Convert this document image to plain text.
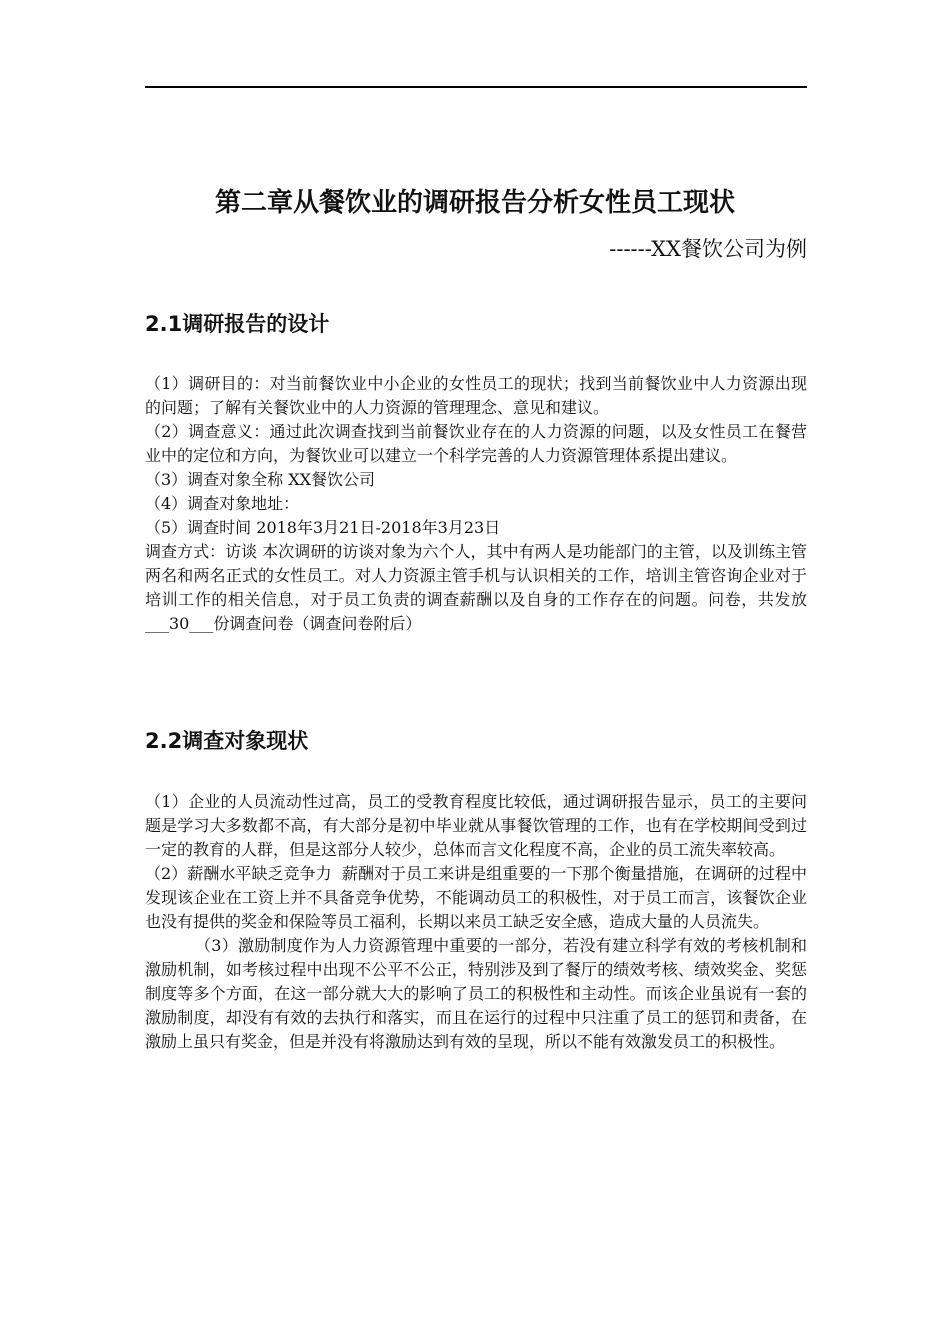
第二章从餐饮业的调研报告分析女性员工现状
------XX餐饮公司为例
2.1调研报告的设计

（1）调研目的：对当前餐饮业中小企业的女性员工的现状；找到当前餐饮业中人力资源出现的问题；了解有关餐饮业中的人力资源的管理理念、意见和建议。

（2）调查意义：通过此次调查找到当前餐饮业存在的人力资源的问题，以及女性员工在餐营业中的定位和方向，为餐饮业可以建立一个科学完善的人力资源管理体系提出建议。

（3）调查对象全称 XX餐饮公司

（4）调查对象地址：

（5）调查时间 2018年3月21日-2018年3月23日

调查方式：访谈 本次调研的访谈对象为六个人，其中有两人是功能部门的主管，以及训练主管两名和两名正式的女性员工。对人力资源主管手机与认识相关的工作，培训主管咨询企业对于培训工作的相关信息，对于员工负责的调查薪酬以及自身的工作存在的问题。问卷，共发放___30___份调查问卷（调查问卷附后）

2.2调查对象现状

（1）企业的人员流动性过高，员工的受教育程度比较低，通过调研报告显示，员工的主要问题是学习大多数都不高，有大部分是初中毕业就从事餐饮管理的工作，也有在学校期间受到过一定的教育的人群，但是这部分人较少，总体而言文化程度不高，企业的员工流失率较高。

（2）薪酬水平缺乏竞争力  薪酬对于员工来讲是组重要的一下那个衡量措施，在调研的过程中发现该企业在工资上并不具备竞争优势，不能调动员工的积极性，对于员工而言，该餐饮企业也没有提供的奖金和保险等员工福利，长期以来员工缺乏安全感，造成大量的人员流失。

（3）激励制度作为人力资源管理中重要的一部分，若没有建立科学有效的考核机制和激励机制，如考核过程中出现不公平不公正，特别涉及到了餐厅的绩效考核、绩效奖金、奖惩制度等多个方面，在这一部分就大大的影响了员工的积极性和主动性。而该企业虽说有一套的激励制度，却没有有效的去执行和落实，而且在运行的过程中只注重了员工的惩罚和责备，在激励上虽只有奖金，但是并没有将激励达到有效的呈现，所以不能有效激发员工的积极性。
